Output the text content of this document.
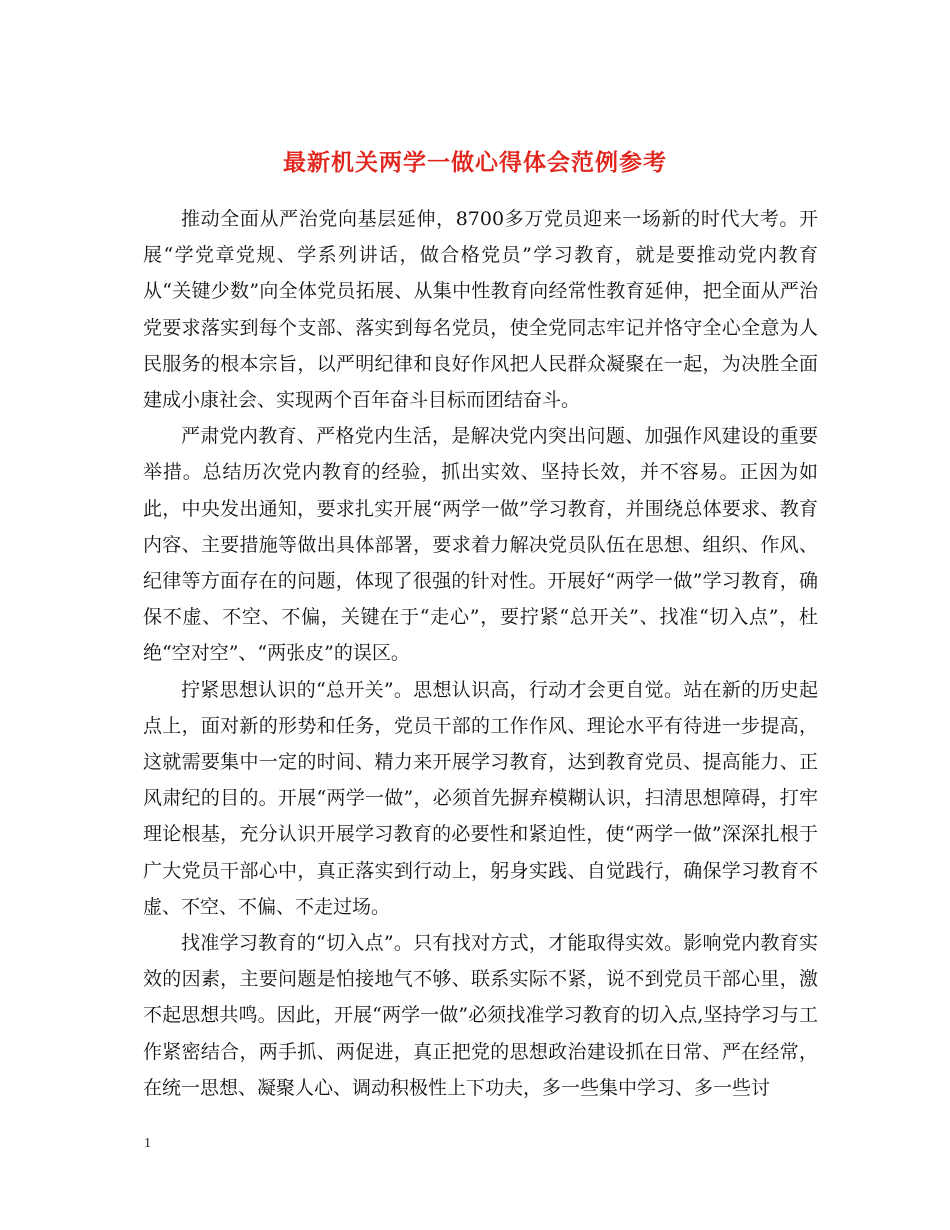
最新机关两学一做心得体会范例参考

推动全面从严治党向基层延伸，8700多万党员迎来一场新的时代大考。开展“学党章党规、学系列讲话，做合格党员”学习教育，就是要推动党内教育从“关键少数”向全体党员拓展、从集中性教育向经常性教育延伸，把全面从严治党要求落实到每个支部、落实到每名党员，使全党同志牢记并恪守全心全意为人民服务的根本宗旨，以严明纪律和良好作风把人民群众凝聚在一起，为决胜全面建成小康社会、实现两个百年奋斗目标而团结奋斗。

严肃党内教育、严格党内生活，是解决党内突出问题、加强作风建设的重要举措。总结历次党内教育的经验，抓出实效、坚持长效，并不容易。正因为如此，中央发出通知，要求扎实开展“两学一做”学习教育，并围绕总体要求、教育内容、主要措施等做出具体部署，要求着力解决党员队伍在思想、组织、作风、纪律等方面存在的问题，体现了很强的针对性。开展好“两学一做”学习教育，确保不虚、不空、不偏，关键在于“走心”，要拧紧“总开关”、找准“切入点”，杜绝“空对空”、“两张皮”的误区。

拧紧思想认识的“总开关”。思想认识高，行动才会更自觉。站在新的历史起点上，面对新的形势和任务，党员干部的工作作风、理论水平有待进一步提高，这就需要集中一定的时间、精力来开展学习教育，达到教育党员、提高能力、正风肃纪的目的。开展“两学一做”，必须首先摒弃模糊认识，扫清思想障碍，打牢理论根基，充分认识开展学习教育的必要性和紧迫性，使“两学一做”深深扎根于广大党员干部心中，真正落实到行动上，躬身实践、自觉践行，确保学习教育不虚、不空、不偏、不走过场。

找准学习教育的“切入点”。只有找对方式，才能取得实效。影响党内教育实效的因素，主要问题是怕接地气不够、联系实际不紧，说不到党员干部心里，激不起思想共鸣。因此，开展“两学一做”必须找准学习教育的切入点,坚持学习与工作紧密结合，两手抓、两促进，真正把党的思想政治建设抓在日常、严在经常，在统一思想、凝聚人心、调动积极性上下功夫，多一些集中学习、多一些讨

1
